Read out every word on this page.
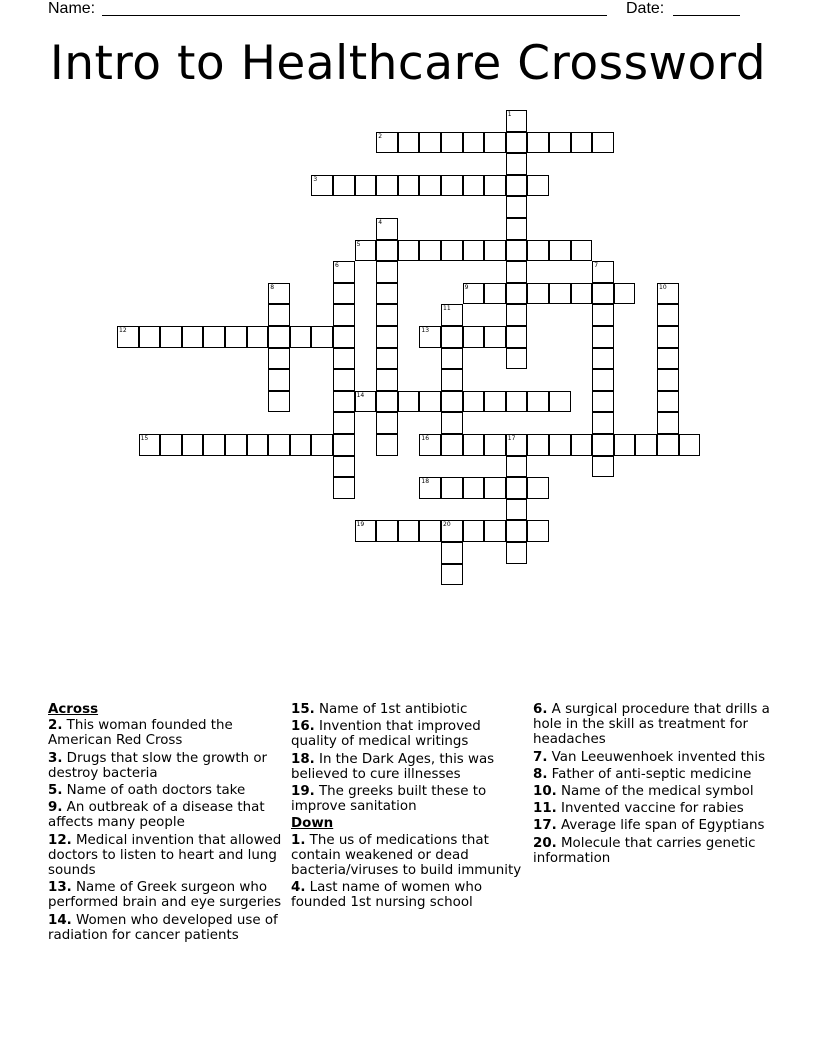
Name:	Date:
Intro to Healthcare Crossword
1
2
3
4
5
6	7
8	9	10
11
12	13
14
15	16	17
18
19	20
Across
2. This woman founded the American Red Cross
3. Drugs that slow the growth or destroy bacteria
5. Name of oath doctors take
9. An outbreak of a disease that affects many people
12. Medical invention that allowed doctors to listen to heart and lung sounds
13. Name of Greek surgeon who performed brain and eye surgeries
14. Women who developed use of radiation for cancer patients
15. Name of 1st antibiotic
16. Invention that improved quality of medical writings
18. In the Dark Ages, this was believed to cure illnesses
19. The greeks built these to improve sanitation
Down
1. The us of medications that contain weakened or dead bacteria/viruses to build immunity
4. Last name of women who founded 1st nursing school
6. A surgical procedure that drills a hole in the skill as treatment for headaches
7. Van Leeuwenhoek invented this
8. Father of anti-septic medicine
10. Name of the medical symbol
11. Invented vaccine for rabies
17. Average life span of Egyptians
20. Molecule that carries genetic information
